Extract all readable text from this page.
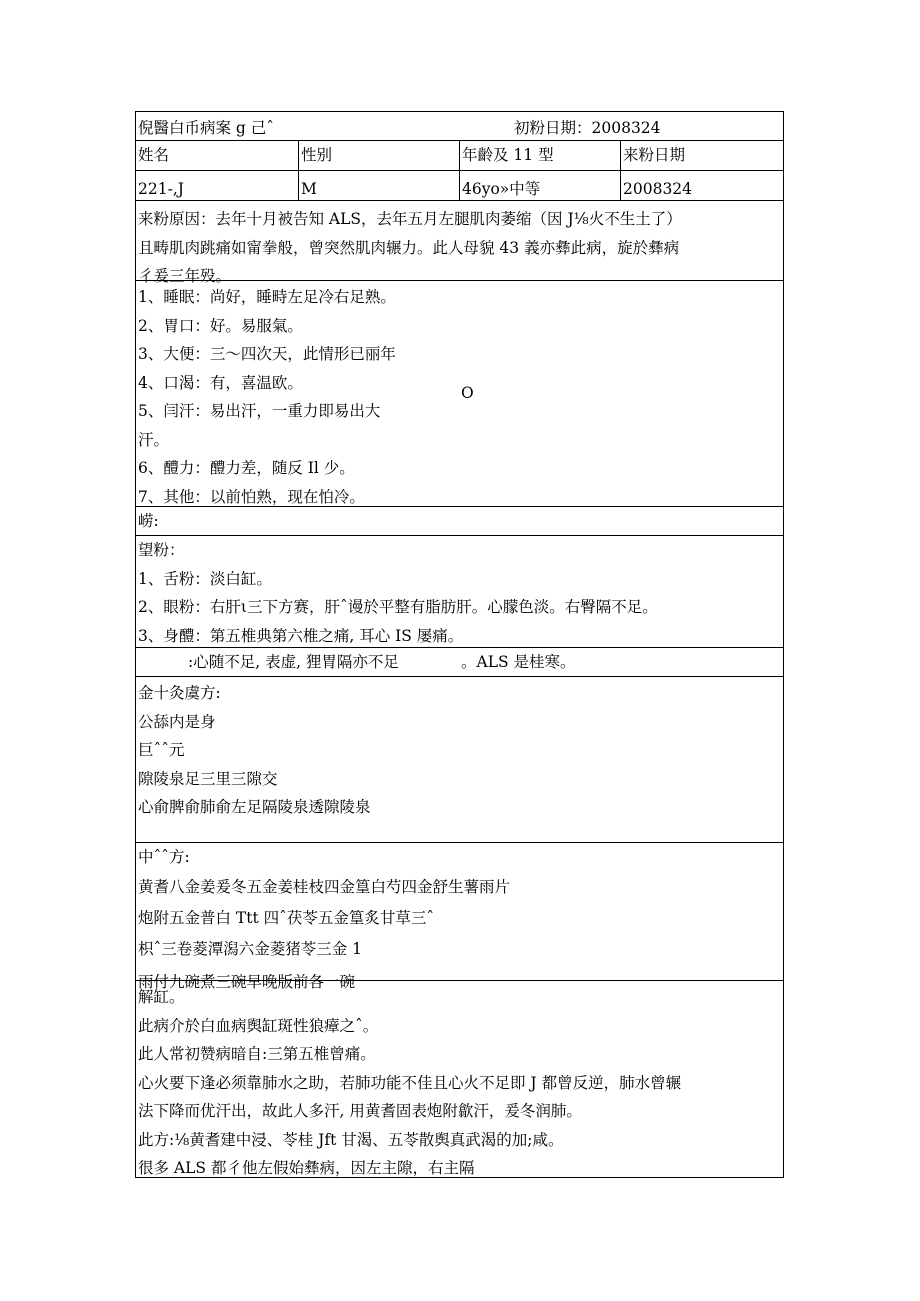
倪醫白币病案 g 己ˆ	初粉日期：2008324
姓名	性别	年齡及 11 型	来粉日期
221-,J	M	46yo»中等	2008324
来粉原因：去年十月被告知 ALS，去年五月左腿肌肉萎缩（因 J⅛火不生土了）
且畴肌肉跳痛如甯拳般，曾突然肌肉辗力。此人母貌 43 義亦彝此病，旋於彝病
彳爰三年殁。
1、睡眠：尚好，睡畤左足冷右足熟。
2、胃口：好。易服氣。
3、大便：三～四次天，此情形已丽年
4、口渴：有，喜温欧。
5、闫汗：易出汗，一重力即易出大
汗。
6、醴力：醴力差，随反 Il 少。
7、其他：以前怕熟，现在怕冷。
O
崂:
望粉：
1、舌粉：淡白缸。
2、眼粉：右肝ι三下方赛，肝ˆ谩於平整有脂肪肝。心朦色淡。右臀隔不足。
3、身醴：第五椎典第六椎之痛, 耳心 IS 屡痛。
:心随不足, 表虚, 狸胃隔亦不足	。ALS 是桂寒。
金十灸虞方:
公舔内是身
巨ˆˆ元
隙陵泉足三里三隙交
心俞脾俞肺俞左足隔陵泉透隙陵泉
中ˆˆ方:
黄耆八金姜爰冬五金姜桂枝四金篁白芍四金舒生薯雨片
炮附五金普白 Ttt 四ˆ茯苓五金篁炙甘草三ˆ
枳ˆ三卷菱潭潟六金菱猪苓三金 1
雨付九碗煮三碗早晚版前各一碗
解缸。
此病介於白血病舆缸斑性狼瘴之ˆ。
此人常初赞病暗自:三第五椎曾痛。
心火要下逢必须靠肺水之助，若肺功能不佳且心火不足即 J 都曾反逆，肺水曾辗
法下降而优汗出，故此人多汗, 用黄耆固表炮附歙汗，爰冬润肺。
此方:⅛黄耆建中浸、苓桂 Jft 甘渴、五苓散舆真武渴的加;咸。
很多 ALS 都彳他左假始彝病，因左主隙，右主隔
